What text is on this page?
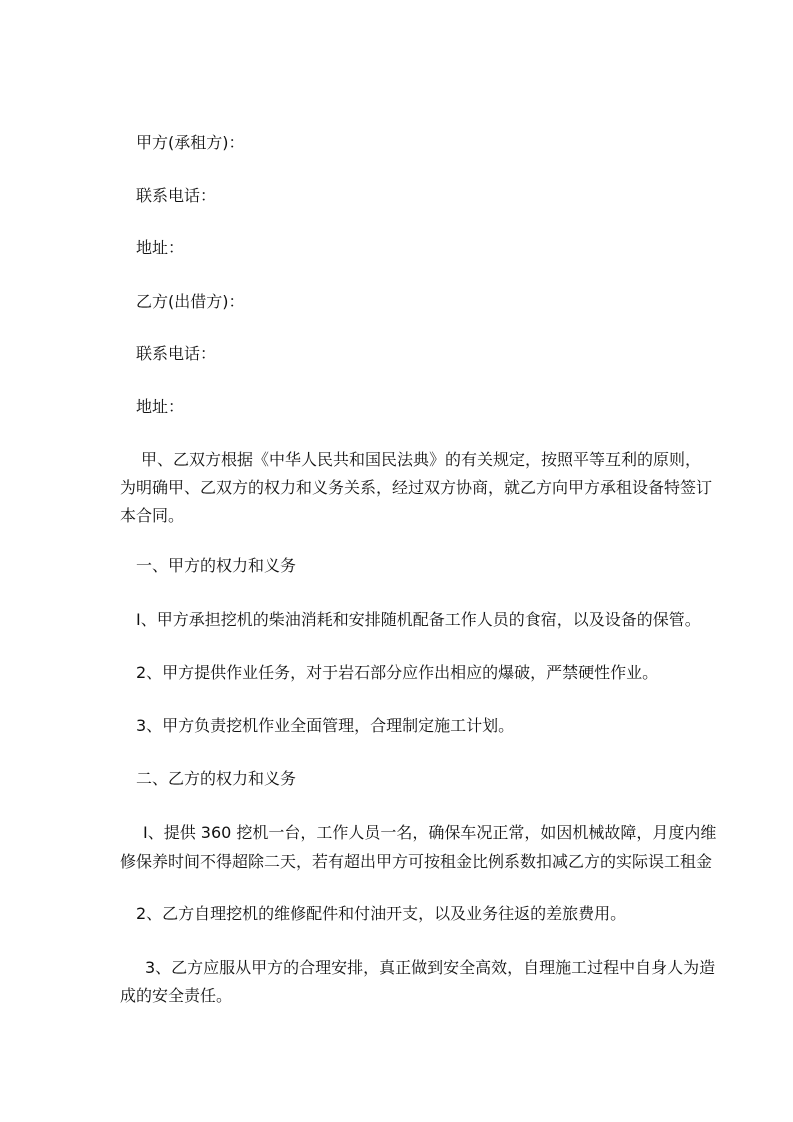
甲方(承租方)：
联系电话：
地址：
乙方(出借方)：
联系电话：
地址：
甲、乙双方根据《中华人民共和国民法典》的有关规定，按照平等互利的原则，
为明确甲、乙双方的权力和义务关系，经过双方协商，就乙方向甲方承租设备特签订
本合同。
一、甲方的权力和义务
I、甲方承担挖机的柴油消耗和安排随机配备工作人员的食宿，以及设备的保管。
2、甲方提供作业任务，对于岩石部分应作出相应的爆破，严禁硬性作业。
3、甲方负责挖机作业全面管理，合理制定施工计划。
二、乙方的权力和义务
I、提供 360 挖机一台，工作人员一名，确保车况正常，如因机械故障，月度内维
修保养时间不得超除二天，若有超出甲方可按租金比例系数扣减乙方的实际误工租金
2、乙方自理挖机的维修配件和付油开支，以及业务往返的差旅费用。
3、乙方应服从甲方的合理安排，真正做到安全高效，自理施工过程中自身人为造
成的安全责任。
